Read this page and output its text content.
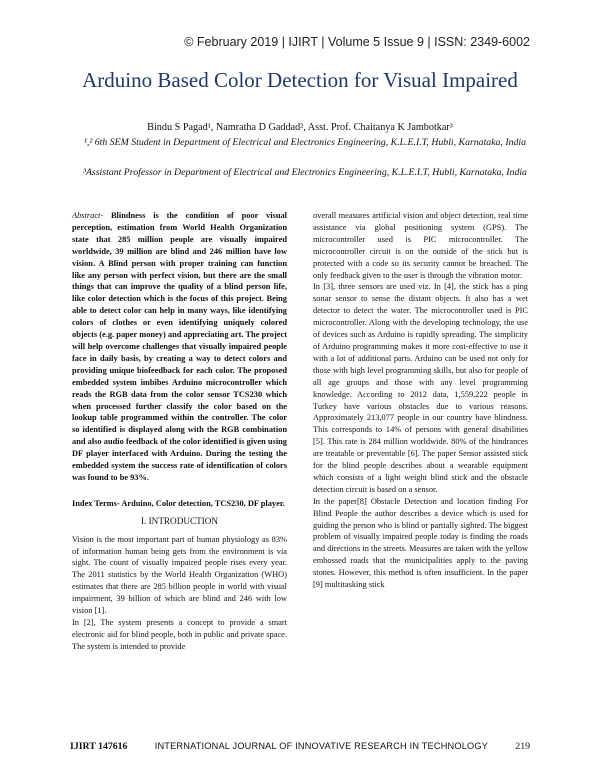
© February 2019 | IJIRT | Volume 5 Issue 9 | ISSN: 2349-6002
Arduino Based Color Detection for Visual Impaired
Bindu S Pagad¹, Namratha D Gaddad², Asst. Prof. Chaitanya K Jambotkar³
¹,² 6th SEM Student in Department of Electrical and Electronics Engineering, K.L.E.I.T, Hubli, Karnataka, India
³Assistant Professor in Department of Electrical and Electronics Engineering, K.L.E.I.T, Hubli, Karnataka, India

Abstract- Blindness is the condition of poor visual perception, estimation from World Health Organization state that 285 million people are visually impaired worldwide, 39 million are blind and 246 million have low vision. A Blind person with proper training can function like any person with perfect vision, but there are the small things that can improve the quality of a blind person life, like color detection which is the focus of this project. Being able to detect color can help in many ways, like identifying colors of clothes or even identifying uniquely colored objects (e.g. paper money) and appreciating art. The project will help overcome challenges that visually impaired people face in daily basis, by creating a way to detect colors and providing unique biofeedback for each color. The proposed embedded system imbibes Arduino microcontroller which reads the RGB data from the color sensor TCS230 which when processed further classify the color based on the lookup table programmed within the controller. The color so identified is displayed along with the RGB combination and also audio feedback of the color identified is given using DF player interfaced with Arduino. During the testing the embedded system the success rate of identification of colors was found to be 93%.

Index Terms- Arduino, Color detection, TCS230, DF player.

I. INTRODUCTION

Vision is the most important part of human physiology as 83% of information human being gets from the environment is via sight. The count of visually impaired people rises every year. The 2011 statistics by the World Health Organization (WHO) estimates that there are 285 billion people in world with visual impairment, 39 billion of which are blind and 246 with low vision [1].

In [2], The system presents a concept to provide a smart electronic aid for blind people, both in public and private space. The system is intended to provide

overall measures artificial vision and object detection, real time assistance via global positioning system (GPS). The microcontroller used is PIC microcontroller. The microcontroller circuit is on the outside of the stick but is protected with a code so its security cannot be breached. The only feedback given to the user is through the vibration motor.

In [3], three sensors are used viz. In [4], the stick has a ping sonar sensor to sense the distant objects. It also has a wet detector to detect the water. The microcontroller used is PIC microcontroller. Along with the developing technology, the use of devices such as Arduino is rapidly spreading. The simplicity of Arduino programming makes it more cost-effective to use it with a lot of additional parts. Arduino can be used not only for those with high level programming skills, but also for people of all age groups and those with any level programming knowledge. According to 2012 data, 1,559,222 people in Turkey have various obstacles due to various reasons. Approximately 213,077 people in our country have blindness. This corresponds to 14% of persons with general disabilities [5]. This rate is 284 million worldwide. 80% of the hindrances are treatable or preventable [6]. The paper Sensor assisted stick for the blind people describes about a wearable equipment which consists of a light weight blind stick and the obstacle detection circuit is based on a sensor.

In the paper[8] Obstacle Detection and location finding For Blind People the author describes a device which is used for guiding the person who is blind or partially sighted. The biggest problem of visually impaired people today is finding the roads and directions in the streets. Measures are taken with the yellow embossed roads that the municipalities apply to the paving stones. However, this method is often insufficient. In the paper [9] multitasking stick

IJIRT 147616	INTERNATIONAL JOURNAL OF INNOVATIVE RESEARCH IN TECHNOLOGY	219
